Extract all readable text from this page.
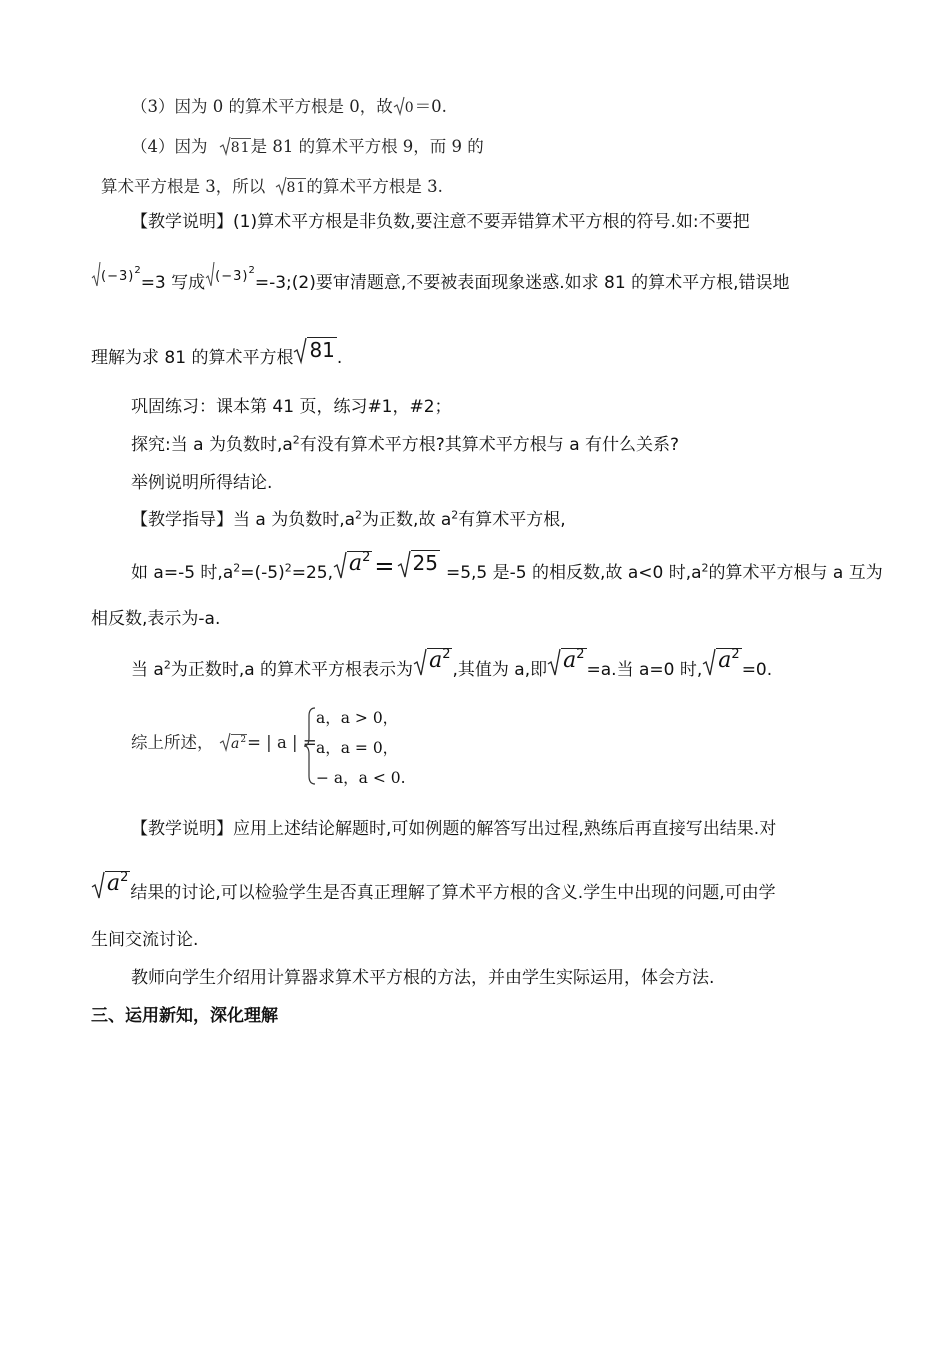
（3）因为 0 的算术平方根是 0，故 0＝0.
（4）因为 81是 81 的算术平方根 9，而 9 的
算术平方根是 3，所以 81的算术平方根是 3.
【教学说明】(1)算术平方根是非负数,要注意不要弄错算术平方根的符号.如:不要把
$(-3)^2=3$ 写成 $(-3)^2=-3;(2)$要审清题意,不要被表面现象迷惑.如求 81 的算术平方根,错误地
理解为求 81 的算术平方根 81 .
巩固练习：课本第 41 页，练习#1，#2；
探究:当 a 为负数时$,a^2$有没有算术平方根?其算术平方根与 a 有什么关系?
举例说明所得结论.
【教学指导】当 a 为负数时$,a^2$为正数,故 $a^2$有算术平方根,
如 a=-5 时$,a^2=(-5)^2=25$, $a^2 = 25 =5,5$ 是-5 的相反数,故 a<0 时$,a^2$的算术平方根与 a 互为
相反数,表示为-a.
当 $a^2$为正数时,a 的算术平方根表示为 $a^2$,其值为 a,即 $a^2=a$.当 a=0 时, $a^2=0$.
综上所述，	$a^2=$ | a | =
a，a > 0，
a，a = 0，
− a，a < 0.
【教学说明】应用上述结论解题时,可如例题的解答写出过程,熟练后再直接写出结果.对
$a^2$结果的讨论,可以检验学生是否真正理解了算术平方根的含义.学生中出现的问题,可由学
生间交流讨论.
教师向学生介绍用计算器求算术平方根的方法，并由学生实际运用，体会方法.
三、运用新知，深化理解
